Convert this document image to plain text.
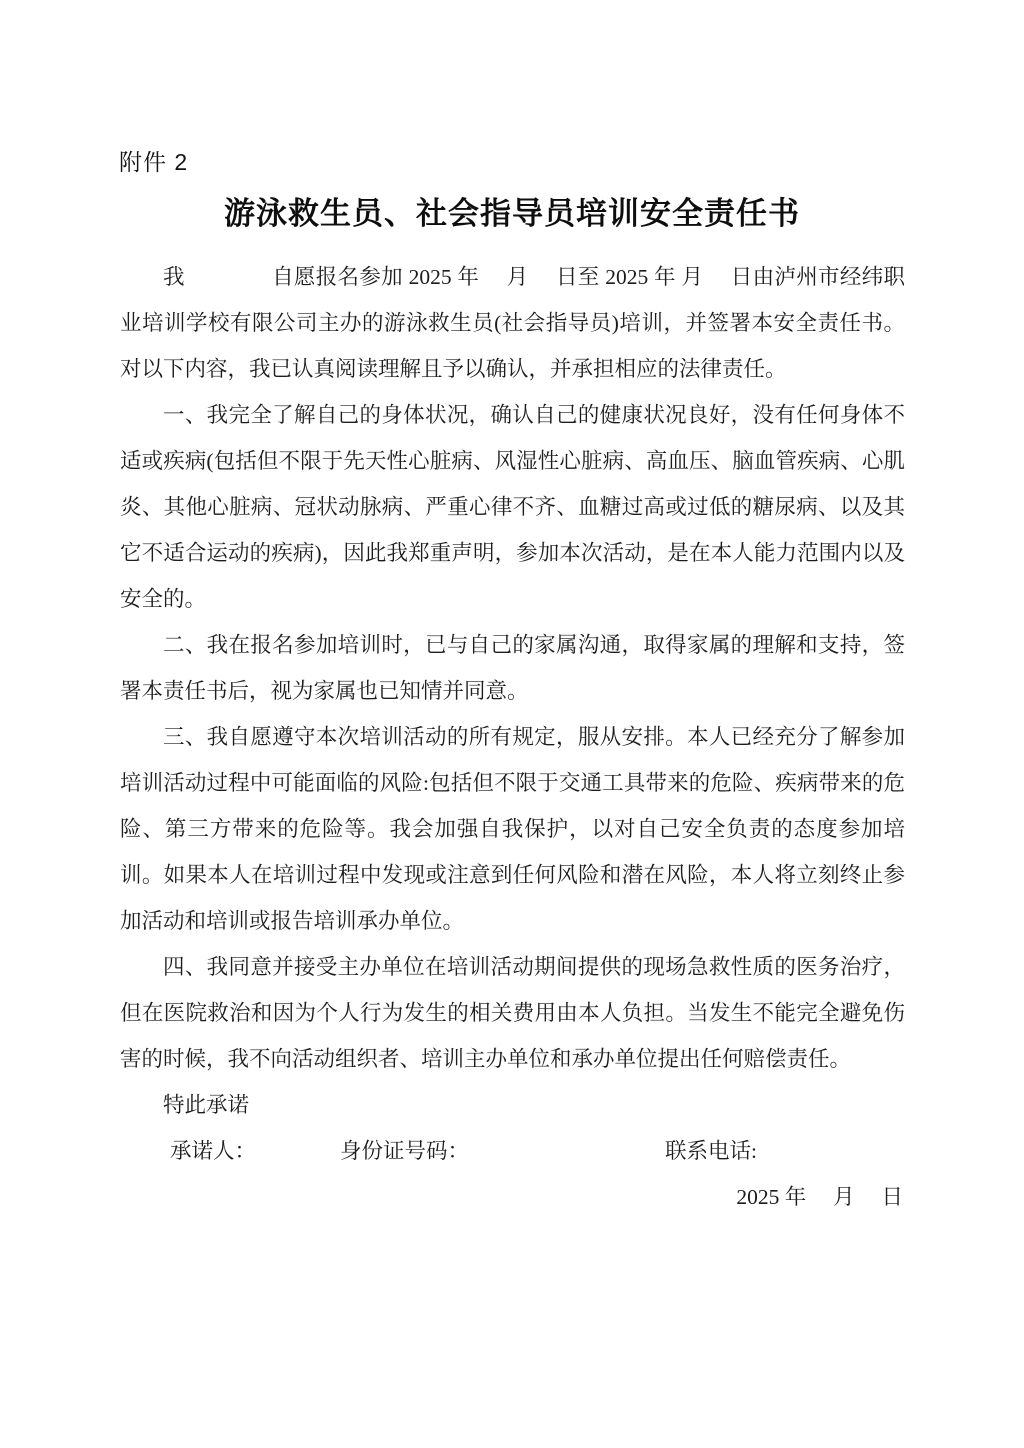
附件 2
游泳救生员、社会指导员培训安全责任书

我　　　　自愿报名参加 2025 年　 月　 日至 2025 年 月　 日由泸州市经纬职业培训学校有限公司主办的游泳救生员(社会指导员)培训，并签署本安全责任书。对以下内容，我已认真阅读理解且予以确认，并承担相应的法律责任。

一、我完全了解自己的身体状况，确认自己的健康状况良好，没有任何身体不适或疾病(包括但不限于先天性心脏病、风湿性心脏病、高血压、脑血管疾病、心肌炎、其他心脏病、冠状动脉病、严重心律不齐、血糖过高或过低的糖尿病、以及其它不适合运动的疾病)，因此我郑重声明，参加本次活动，是在本人能力范围内以及安全的。

二、我在报名参加培训时，已与自己的家属沟通，取得家属的理解和支持，签署本责任书后，视为家属也已知情并同意。

三、我自愿遵守本次培训活动的所有规定，服从安排。本人已经充分了解参加培训活动过程中可能面临的风险:包括但不限于交通工具带来的危险、疾病带来的危险、第三方带来的危险等。我会加强自我保护，以对自己安全负责的态度参加培训。如果本人在培训过程中发现或注意到任何风险和潜在风险，本人将立刻终止参加活动和培训或报告培训承办单位。

四、我同意并接受主办单位在培训活动期间提供的现场急救性质的医务治疗，但在医院救治和因为个人行为发生的相关费用由本人负担。当发生不能完全避免伤害的时候，我不向活动组织者、培训主办单位和承办单位提出任何赔偿责任。

特此承诺

承诺人：	身份证号码：	联系电话:
2025 年　 月　 日
